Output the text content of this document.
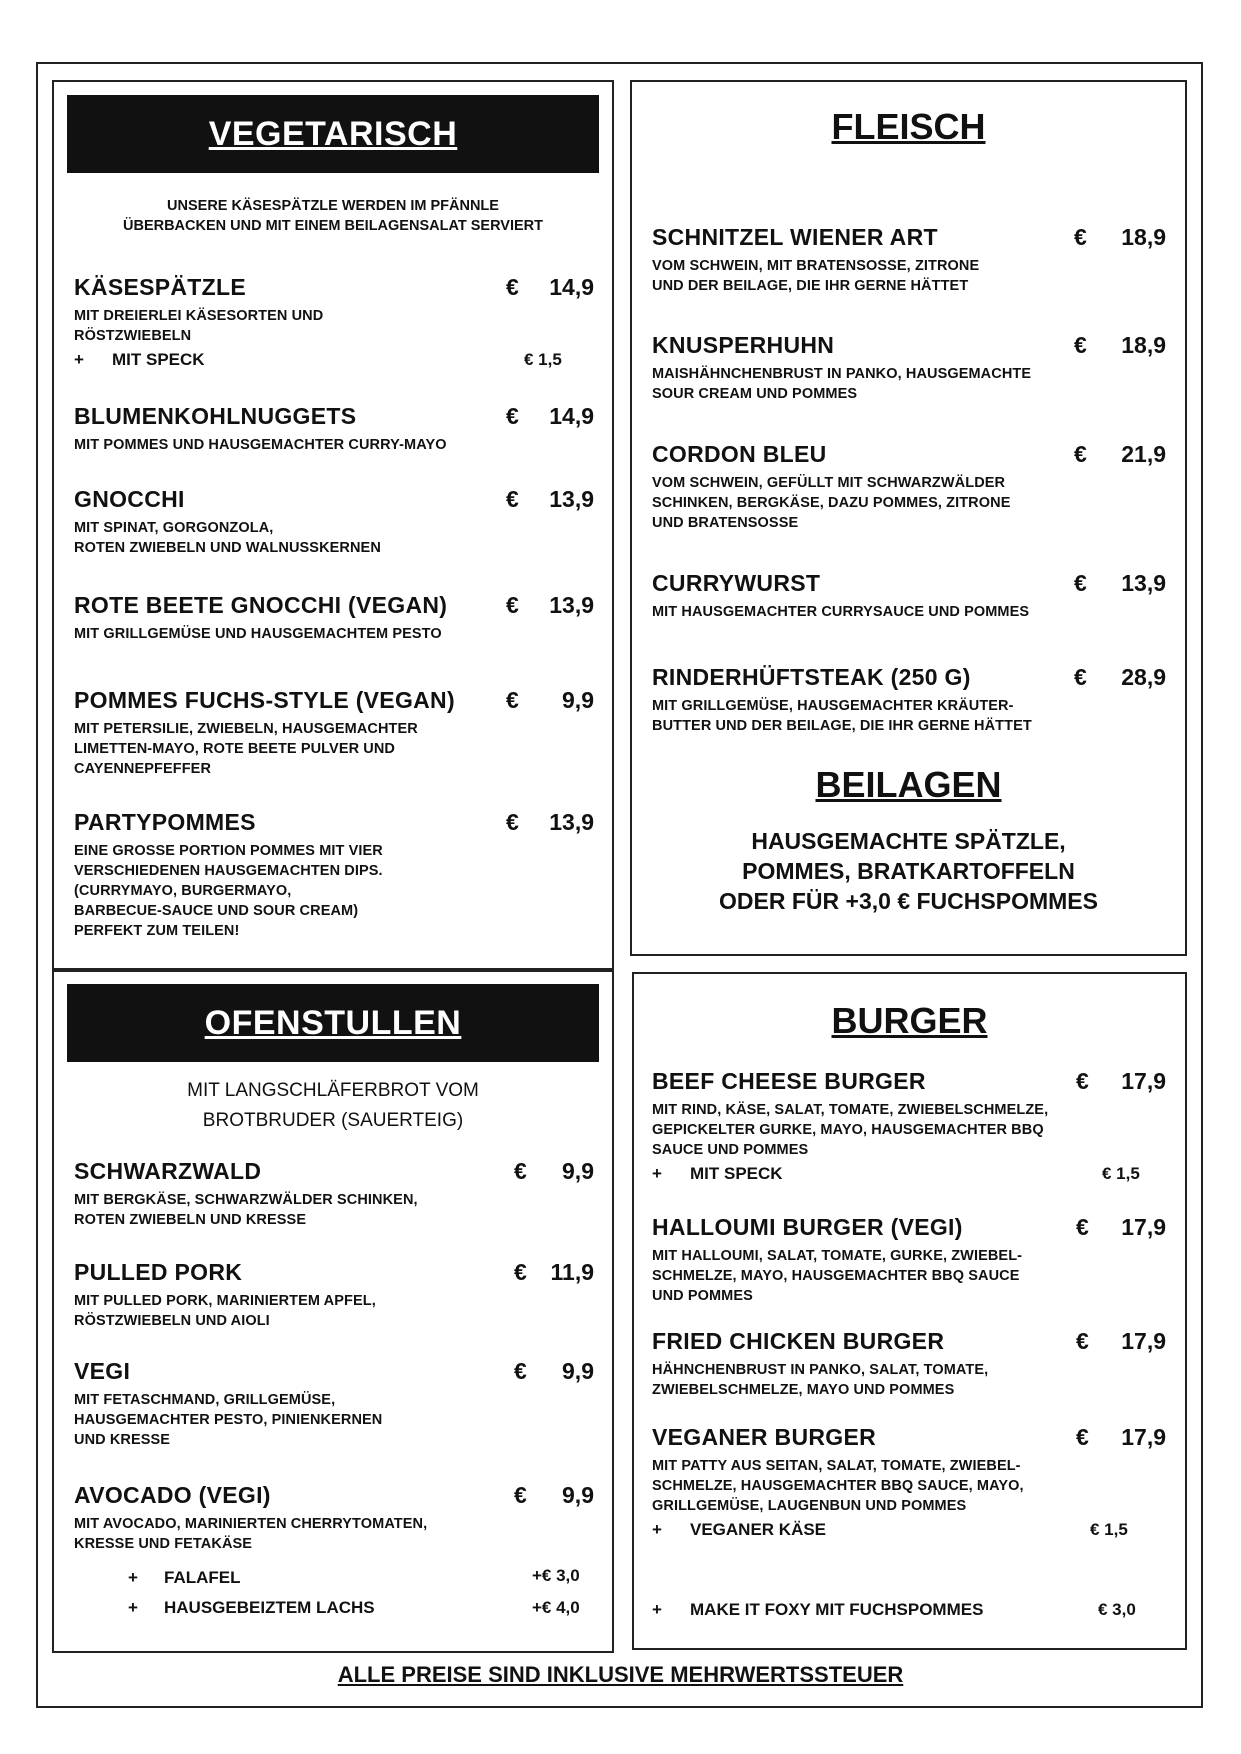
VEGETARISCH
UNSERE KÄSESPÄTZLE WERDEN IM PFÄNNLE
ÜBERBACKEN UND MIT EINEM BEILAGENSALAT SERVIERT
KÄSESPÄTZLE	€	14,9
MIT DREIERLEI KÄSESORTEN UND
RÖSTZWIEBELN
+ MIT SPECK	€ 1,5
BLUMENKOHLNUGGETS	€	14,9
MIT POMMES UND HAUSGEMACHTER CURRY-MAYO
GNOCCHI	€	13,9
MIT SPINAT, GORGONZOLA,
ROTEN ZWIEBELN UND WALNUSSKERNEN
ROTE BEETE GNOCCHI (VEGAN)	€	13,9
MIT GRILLGEMÜSE UND HAUSGEMACHTEM PESTO
POMMES FUCHS-STYLE (VEGAN) €	9,9
MIT PETERSILIE, ZWIEBELN, HAUSGEMACHTER
LIMETTEN-MAYO, ROTE BEETE PULVER UND
CAYENNEPFEFFER
PARTYPOMMES	€	13,9
EINE GROSSE PORTION POMMES MIT VIER
VERSCHIEDENEN HAUSGEMACHTEN DIPS.
(CURRYMAYO, BURGERMAYO,
BARBECUE-SAUCE UND SOUR CREAM)
PERFEKT ZUM TEILEN!
OFENSTULLEN
MIT LANGSCHLÄFERBROT VOM
BROTBRUDER (SAUERTEIG)
SCHWARZWALD	€	9,9
MIT BERGKÄSE, SCHWARZWÄLDER SCHINKEN,
ROTEN ZWIEBELN UND KRESSE
PULLED PORK	€	11,9
MIT PULLED PORK, MARINIERTEM APFEL,
RÖSTZWIEBELN UND AIOLI
VEGI	€	9,9
MIT FETASCHMAND, GRILLGEMÜSE,
HAUSGEMACHTER PESTO, PINIENKERNEN
UND KRESSE
AVOCADO (VEGI)	€	9,9
MIT AVOCADO, MARINIERTEN CHERRYTOMATEN,
KRESSE UND FETAKÄSE
+ FALAFEL	+€ 3,0
+ HAUSGEBEIZTEM LACHS	+€ 4,0
FLEISCH
SCHNITZEL WIENER ART	€	18,9
VOM SCHWEIN, MIT BRATENSOSSE, ZITRONE
UND DER BEILAGE, DIE IHR GERNE HÄTTET
KNUSPERHUHN	€	18,9
MAISHÄHNCHENBRUST IN PANKO, HAUSGEMACHTE
SOUR CREAM UND POMMES
CORDON BLEU	€	21,9
VOM SCHWEIN, GEFÜLLT MIT SCHWARZWÄLDER
SCHINKEN, BERGKÄSE, DAZU POMMES, ZITRONE
UND BRATENSOSSE
CURRYWURST	€	13,9
MIT HAUSGEMACHTER CURRYSAUCE UND POMMES
RINDERHÜFTSTEAK (250 G)	€	28,9
MIT GRILLGEMÜSE, HAUSGEMACHTER KRÄUTER-
BUTTER UND DER BEILAGE, DIE IHR GERNE HÄTTET
BEILAGEN
HAUSGEMACHTE SPÄTZLE,
POMMES, BRATKARTOFFELN
ODER FÜR +3,0 € FUCHSPOMMES
BURGER
BEEF CHEESE BURGER	€	17,9
MIT RIND, KÄSE, SALAT, TOMATE, ZWIEBELSCHMELZE,
GEPICKELTER GURKE, MAYO, HAUSGEMACHTER BBQ
SAUCE UND POMMES
+ MIT SPECK	€ 1,5
HALLOUMI BURGER (VEGI)	€	17,9
MIT HALLOUMI, SALAT, TOMATE, GURKE, ZWIEBEL-
SCHMELZE, MAYO, HAUSGEMACHTER BBQ SAUCE
UND POMMES
FRIED CHICKEN BURGER	€	17,9
HÄHNCHENBRUST IN PANKO, SALAT, TOMATE,
ZWIEBELSCHMELZE, MAYO UND POMMES
VEGANER BURGER	€	17,9
MIT PATTY AUS SEITAN, SALAT, TOMATE, ZWIEBEL-
SCHMELZE, HAUSGEMACHTER BBQ SAUCE, MAYO,
GRILLGEMÜSE, LAUGENBUN UND POMMES
+ VEGANER KÄSE	€ 1,5
+ MAKE IT FOXY MIT FUCHSPOMMES	€ 3,0
ALLE PREISE SIND INKLUSIVE MEHRWERTSSTEUER
